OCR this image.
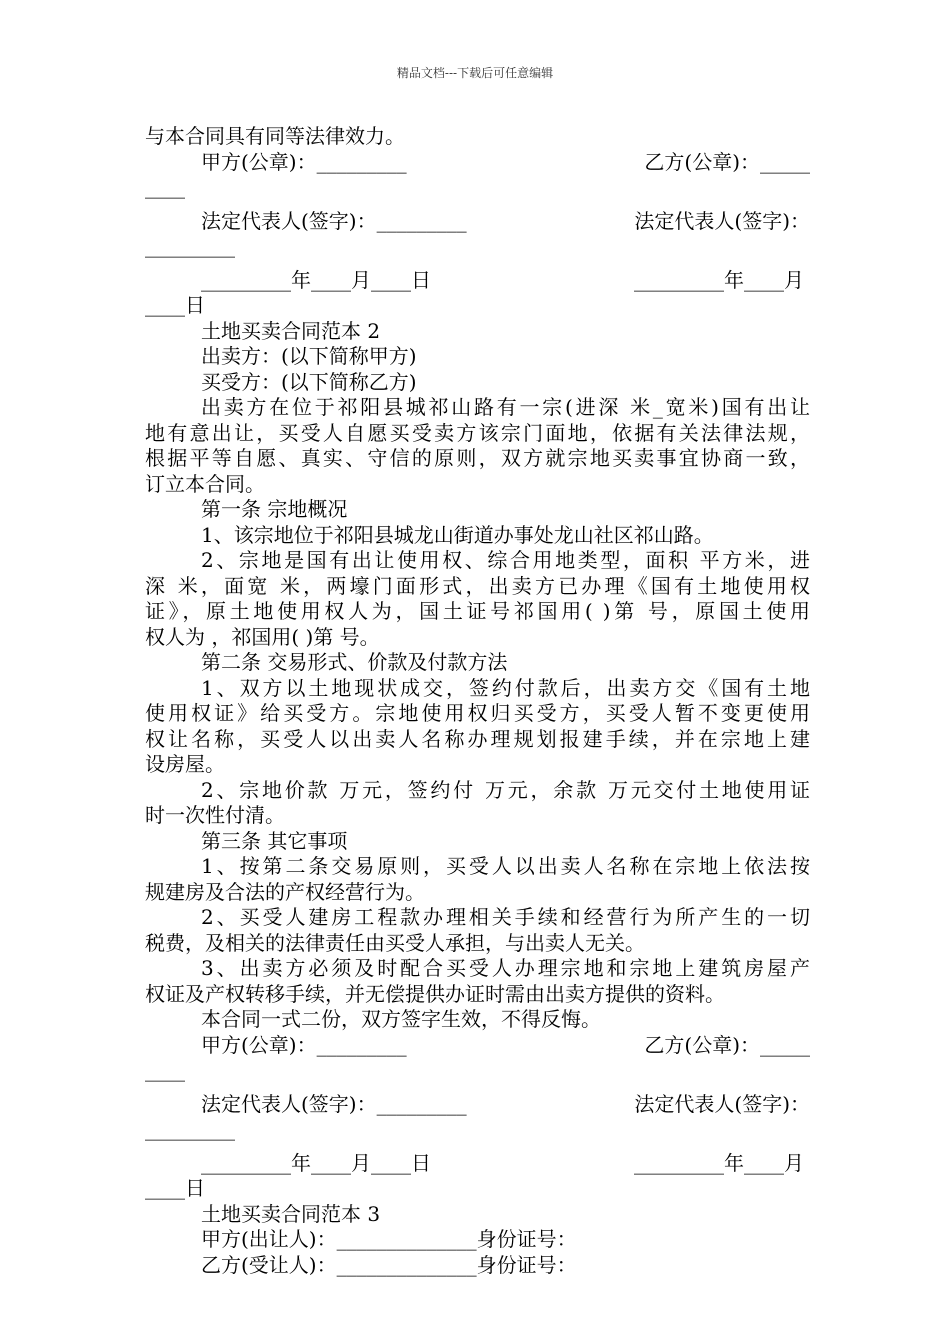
精品文档---下载后可任意编辑
与本合同具有同等法律效力。
甲方(公章)：_________	乙方(公章)：_____
____
法定代表人(签字)：_________	法定代表人(签字)：
_________
_________年____月____日	_________年____月
____日
土地买卖合同范本 2
出卖方：(以下简称甲方)
买受方：(以下简称乙方)
出卖方在位于祁阳县城祁山路有一宗(进深 米_宽米)国有出让
地有意出让，买受人自愿买受卖方该宗门面地，依据有关法律法规，
根据平等自愿、真实、守信的原则，双方就宗地买卖事宜协商一致，
订立本合同。
第一条 宗地概况
1、该宗地位于祁阳县城龙山街道办事处龙山社区祁山路。
2、宗地是国有出让使用权、综合用地类型，面积 平方米，进
深 米，面宽 米，两壕门面形式，出卖方已办理《国有土地使用权
证》，原土地使用权人为，国土证号祁国用( )第 号，原国土使用
权人为 ，祁国用( )第 号。
第二条 交易形式、价款及付款方法
1、双方以土地现状成交，签约付款后，出卖方交《国有土地
使用权证》给买受方。宗地使用权归买受方，买受人暂不变更使用
权让名称，买受人以出卖人名称办理规划报建手续，并在宗地上建
设房屋。
2、宗地价款 万元，签约付 万元，余款 万元交付土地使用证
时一次性付清。
第三条 其它事项
1、按第二条交易原则，买受人以出卖人名称在宗地上依法按
规建房及合法的产权经营行为。
2、买受人建房工程款办理相关手续和经营行为所产生的一切
税费，及相关的法律责任由买受人承担，与出卖人无关。
3、出卖方必须及时配合买受人办理宗地和宗地上建筑房屋产
权证及产权转移手续，并无偿提供办证时需由出卖方提供的资料。
本合同一式二份，双方签字生效，不得反悔。
甲方(公章)：_________	乙方(公章)：_____
____
法定代表人(签字)：_________	法定代表人(签字)：
_________
_________年____月____日	_________年____月
____日
土地买卖合同范本 3
甲方(出让人)：______________身份证号：
乙方(受让人)：______________身份证号：
